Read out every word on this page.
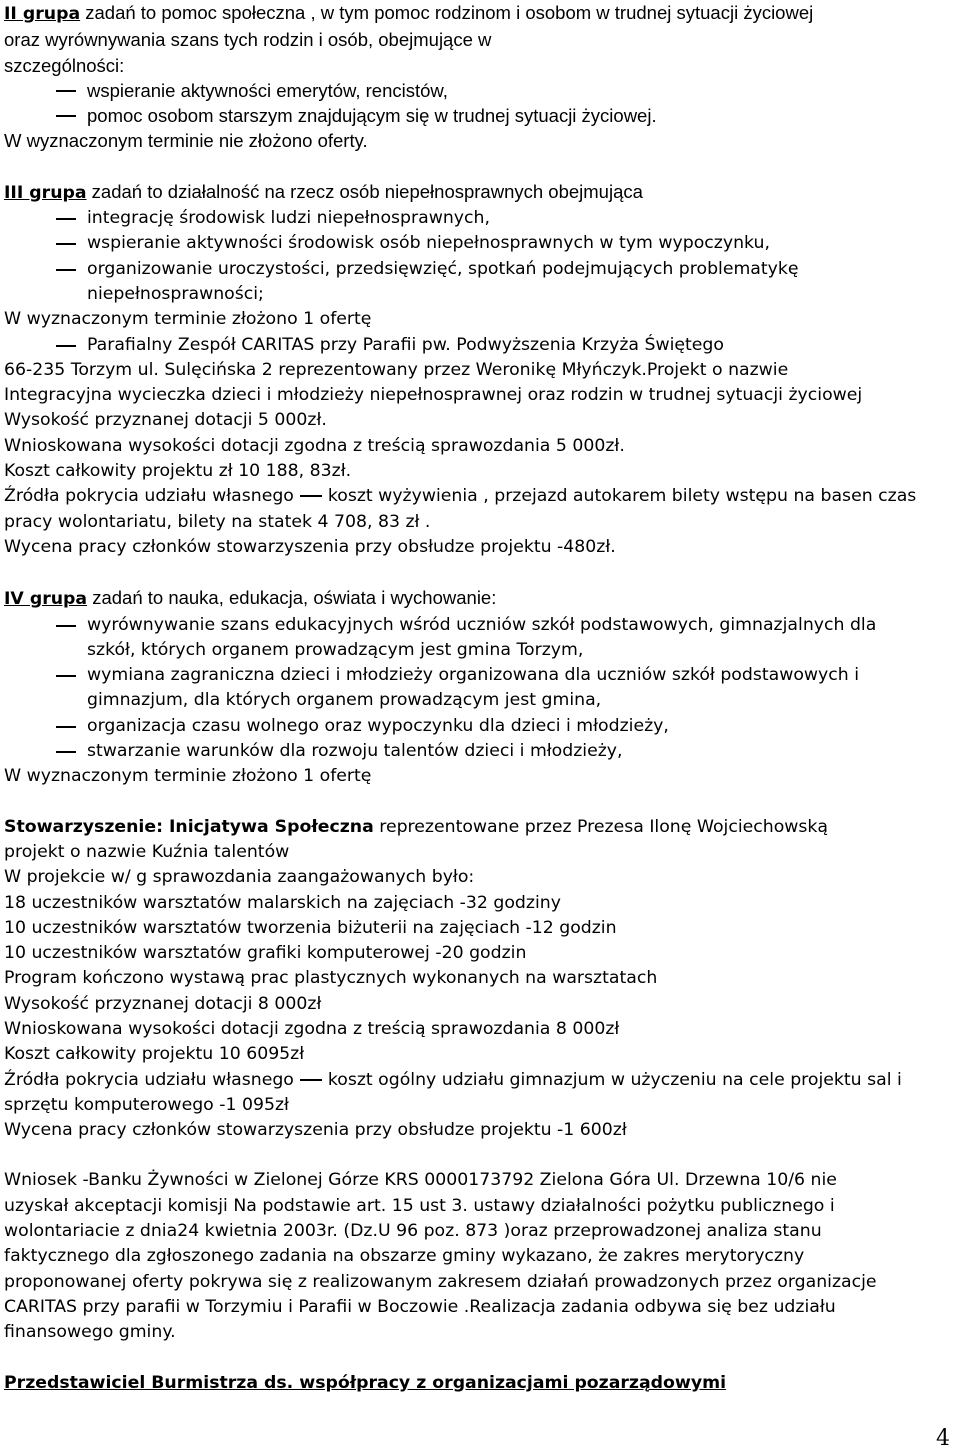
II grupa zadań to pomoc społeczna , w tym pomoc rodzinom i osobom w trudnej sytuacji życiowej
oraz wyrównywania szans tych rodzin i osób, obejmujące w
szczególności:
wspieranie aktywności emerytów, rencistów,
pomoc osobom starszym znajdującym się w trudnej sytuacji życiowej.
W wyznaczonym terminie nie złożono oferty.
III grupa zadań to działalność na rzecz osób niepełnosprawnych obejmująca
integrację środowisk ludzi niepełnosprawnych,
wspieranie aktywności środowisk osób niepełnosprawnych w tym wypoczynku,
organizowanie uroczystości, przedsięwzięć, spotkań podejmujących problematykę
niepełnosprawności;
W wyznaczonym terminie złożono 1 ofertę
Parafialny Zespół CARITAS przy Parafii pw. Podwyższenia Krzyża Świętego
66-235 Torzym ul. Sulęcińska 2 reprezentowany przez Weronikę Młyńczyk.Projekt o nazwie
Integracyjna wycieczka dzieci i młodzieży niepełnosprawnej oraz rodzin w trudnej sytuacji życiowej
Wysokość przyznanej dotacji 5 000zł.
Wnioskowana wysokości dotacji zgodna z treścią sprawozdania 5 000zł.
Koszt całkowity projektu zł 10 188, 83zł.
Źródła pokrycia udziału własnego koszt wyżywienia , przejazd autokarem bilety wstępu na basen czas
pracy wolontariatu, bilety na statek 4 708, 83 zł .
Wycena pracy członków stowarzyszenia przy obsłudze projektu -480zł.
IV grupa zadań to nauka, edukacja, oświata i wychowanie:
wyrównywanie szans edukacyjnych wśród uczniów szkół podstawowych, gimnazjalnych dla
szkół, których organem prowadzącym jest gmina Torzym,
wymiana zagraniczna dzieci i młodzieży organizowana dla uczniów szkół podstawowych i
gimnazjum, dla których organem prowadzącym jest gmina,
organizacja czasu wolnego oraz wypoczynku dla dzieci i młodzieży,
stwarzanie warunków dla rozwoju talentów dzieci i młodzieży,
W wyznaczonym terminie złożono 1 ofertę
Stowarzyszenie: Inicjatywa Społeczna reprezentowane przez Prezesa Ilonę Wojciechowską
projekt o nazwie Kuźnia talentów
W projekcie w/ g sprawozdania zaangażowanych było:
18 uczestników warsztatów malarskich na zajęciach -32 godziny
10 uczestników warsztatów tworzenia biżuterii na zajęciach -12 godzin
10 uczestników warsztatów grafiki komputerowej -20 godzin
Program kończono wystawą prac plastycznych wykonanych na warsztatach
Wysokość przyznanej dotacji 8 000zł
Wnioskowana wysokości dotacji zgodna z treścią sprawozdania 8 000zł
Koszt całkowity projektu 10 6095zł
Źródła pokrycia udziału własnego koszt ogólny udziału gimnazjum w użyczeniu na cele projektu sal i
sprzętu komputerowego -1 095zł
Wycena pracy członków stowarzyszenia przy obsłudze projektu -1 600zł
Wniosek -Banku Żywności w Zielonej Górze KRS 0000173792 Zielona Góra Ul. Drzewna 10/6 nie
uzyskał akceptacji komisji Na podstawie art. 15 ust 3. ustawy działalności pożytku publicznego i
wolontariacie z dnia24 kwietnia 2003r. (Dz.U 96 poz. 873 )oraz przeprowadzonej analiza stanu
faktycznego dla zgłoszonego zadania na obszarze gminy wykazano, że zakres merytoryczny
proponowanej oferty pokrywa się z realizowanym zakresem działań prowadzonych przez organizacje
CARITAS przy parafii w Torzymiu i Parafii w Boczowie .Realizacja zadania odbywa się bez udziału
finansowego gminy.
Przedstawiciel Burmistrza ds. współpracy z organizacjami pozarządowymi
4
